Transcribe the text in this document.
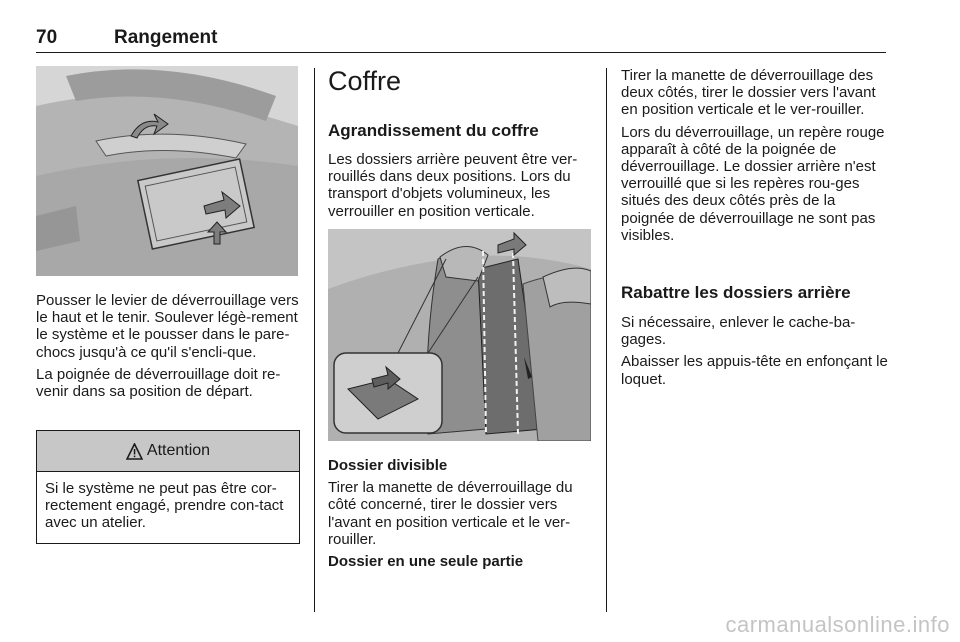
70	Rangement

Pousser le levier de déverrouillage vers le haut et le tenir. Soulever légè-rement le système et le pousser dans le pare-chocs jusqu'à ce qu'il s'encli-que.

La poignée de déverrouillage doit re-venir dans sa position de départ.

Attention
Si le système ne peut pas être cor-rectement engagé, prendre con-tact avec un atelier.
Coffre
Agrandissement du coffre

Les dossiers arrière peuvent être ver-rouillés dans deux positions. Lors du transport d'objets volumineux, les verrouiller en position verticale.

Dossier divisible

Tirer la manette de déverrouillage du côté concerné, tirer le dossier vers l'avant en position verticale et le ver-rouiller.

Dossier en une seule partie

Tirer la manette de déverrouillage des deux côtés, tirer le dossier vers l'avant en position verticale et le ver-rouiller.

Lors du déverrouillage, un repère rouge apparaît à côté de la poignée de déverrouillage. Le dossier arrière n'est verrouillé que si les repères rou-ges situés des deux côtés près de la poignée de déverrouillage ne sont pas visibles.

Rabattre les dossiers arrière

Si nécessaire, enlever le cache-ba-gages.

Abaisser les appuis-tête en enfonçant le loquet.

carmanualsonline.info
